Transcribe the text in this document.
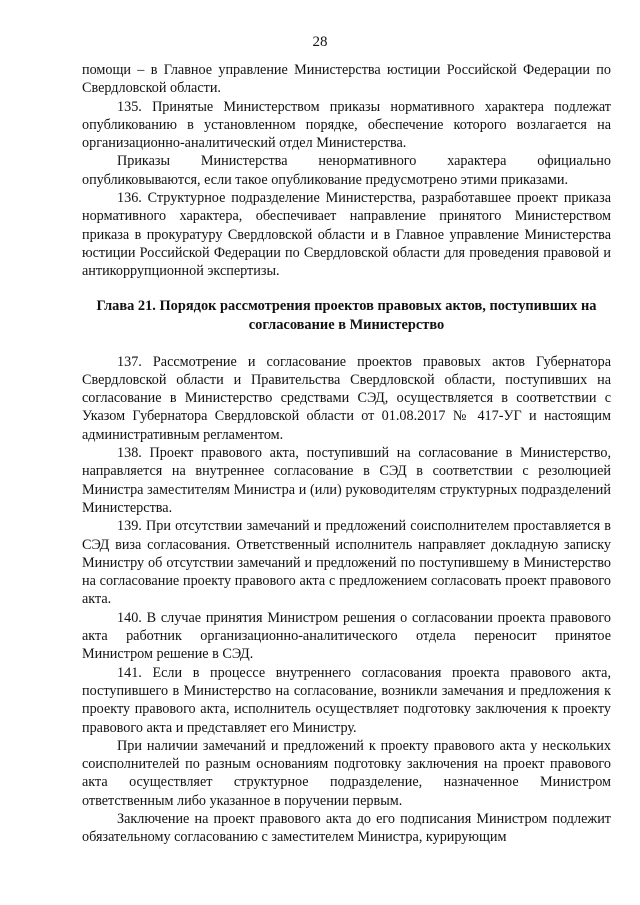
28

помощи – в Главное управление Министерства юстиции Российской Федерации по Свердловской области.

135. Принятые Министерством приказы нормативного характера подлежат опубликованию в установленном порядке, обеспечение которого возлагается на организационно-аналитический отдел Министерства.

Приказы Министерства ненормативного характера официально опубликовываются, если такое опубликование предусмотрено этими приказами.

136. Структурное подразделение Министерства, разработавшее проект приказа нормативного характера, обеспечивает направление принятого Министерством приказа в прокуратуру Свердловской области и в Главное управление Министерства юстиции Российской Федерации по Свердловской области для проведения правовой и антикоррупционной экспертизы.

Глава 21. Порядок рассмотрения проектов правовых актов, поступивших на согласование в Министерство

137. Рассмотрение и согласование проектов правовых актов Губернатора Свердловской области и Правительства Свердловской области, поступивших на согласование в Министерство средствами СЭД, осуществляется в соответствии с Указом Губернатора Свердловской области от 01.08.2017 № 417-УГ и настоящим административным регламентом.

138. Проект правового акта, поступивший на согласование в Министерство, направляется на внутреннее согласование в СЭД в соответствии с резолюцией Министра заместителям Министра и (или) руководителям структурных подразделений Министерства.

139. При отсутствии замечаний и предложений соисполнителем проставляется в СЭД виза согласования. Ответственный исполнитель направляет докладную записку Министру об отсутствии замечаний и предложений по поступившему в Министерство на согласование проекту правового акта с предложением согласовать проект правового акта.

140. В случае принятия Министром решения о согласовании проекта правового акта работник организационно-аналитического отдела переносит принятое Министром решение в СЭД.

141. Если в процессе внутреннего согласования проекта правового акта, поступившего в Министерство на согласование, возникли замечания и предложения к проекту правового акта, исполнитель осуществляет подготовку заключения к проекту правового акта и представляет его Министру.

При наличии замечаний и предложений к проекту правового акта у нескольких соисполнителей по разным основаниям подготовку заключения на проект правового акта осуществляет структурное подразделение, назначенное Министром ответственным либо указанное в поручении первым.

Заключение на проект правового акта до его подписания Министром подлежит обязательному согласованию с заместителем Министра, курирующим
